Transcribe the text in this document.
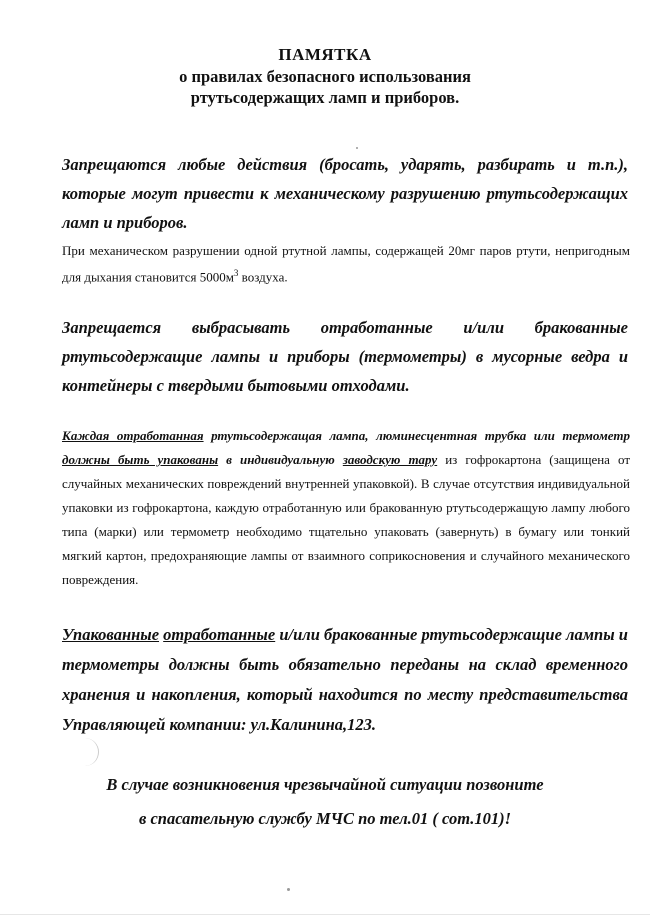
ПАМЯТКА
о правилах безопасного использования
ртутьсодержащих ламп и приборов.
Запрещаются любые действия (бросать, ударять, разбирать и т.п.), которые могут привести к механическому разрушению ртутьсодержащих ламп и приборов.
При механическом разрушении одной ртутной лампы, содержащей 20мг паров ртути, непригодным для дыхания становится $5000м^3$ воздуха.
Запрещается выбрасывать отработанные и/или бракованные ртутьсодержащие лампы и приборы (термометры) в мусорные ведра и контейнеры с твердыми бытовыми отходами.
Каждая отработанная ртутьсодержащая лампа, люминесцентная трубка или термометр должны быть упакованы в индивидуальную заводскую тару из гофрокартона (защищена от случайных механических повреждений внутренней упаковкой). В случае отсутствия индивидуальной упаковки из гофрокартона, каждую отработанную или бракованную ртутьсодержащую лампу любого типа (марки) или термометр необходимо тщательно упаковать (завернуть) в бумагу или тонкий мягкий картон, предохраняющие лампы от взаимного соприкосновения и случайного механического повреждения.
Упакованные отработанные и/или бракованные ртутьсодержащие лампы и термометры должны быть обязательно переданы на склад временного хранения и накопления, который находится по месту представительства Управляющей компании: ул.Калинина,123.
В случае возникновения чрезвычайной ситуации позвоните
в спасательную службу МЧС по тел.01 ( сот.101)!
